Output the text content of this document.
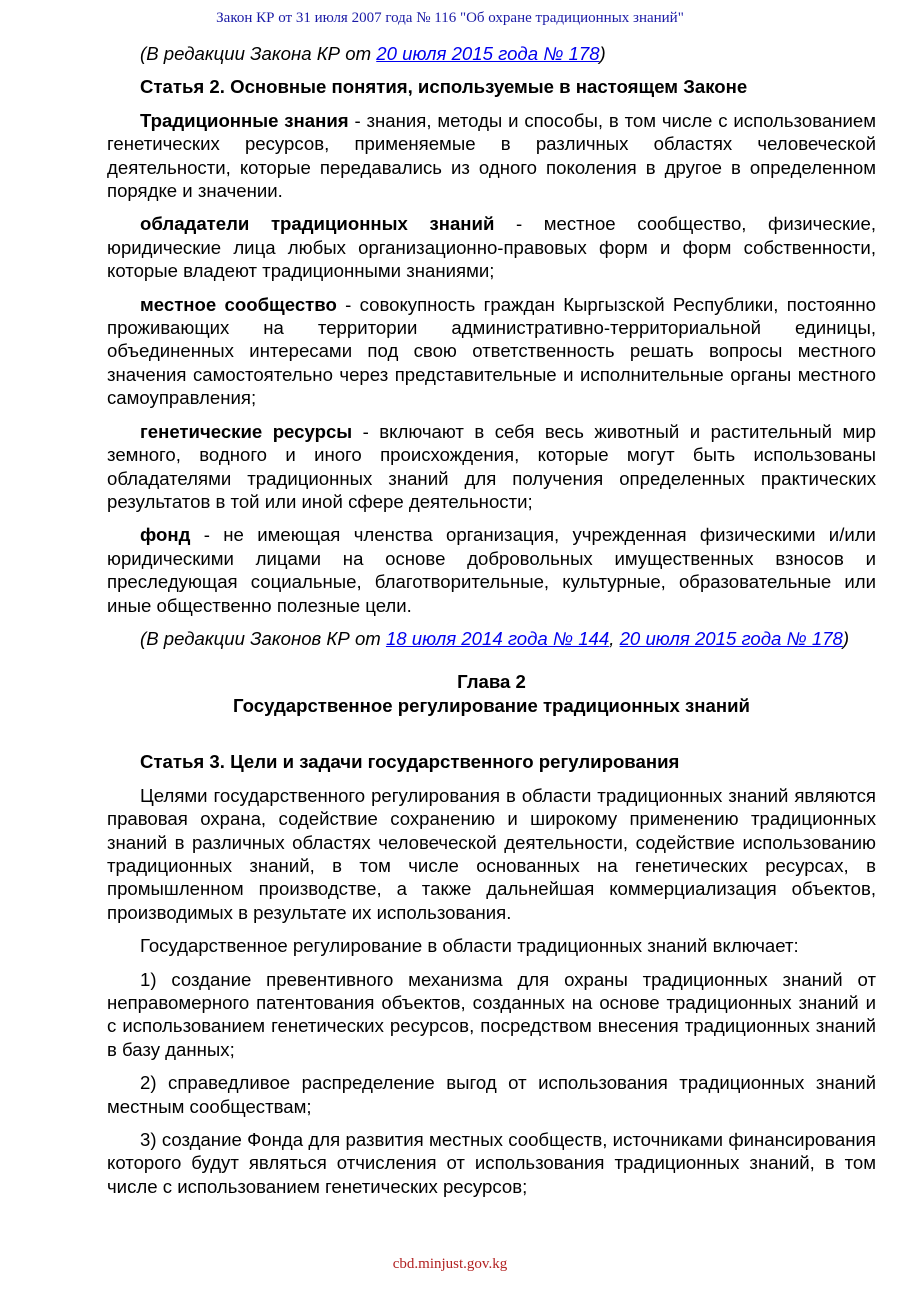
Закон КР от 31 июля 2007 года № 116 "Об охране традиционных знаний"

(В редакции Закона КР от 20 июля 2015 года № 178)

Статья 2. Основные понятия, используемые в настоящем Законе

Традиционные знания - знания, методы и способы, в том числе с использованием генетических ресурсов, применяемые в различных областях человеческой деятельности, которые передавались из одного поколения в другое в определенном порядке и значении.

обладатели традиционных знаний - местное сообщество, физические, юридические лица любых организационно-правовых форм и форм собственности, которые владеют традиционными знаниями;

местное сообщество - совокупность граждан Кыргызской Республики, постоянно проживающих на территории административно-территориальной единицы, объединенных интересами под свою ответственность решать вопросы местного значения самостоятельно через представительные и исполнительные органы местного самоуправления;

генетические ресурсы - включают в себя весь животный и растительный мир земного, водного и иного происхождения, которые могут быть использованы обладателями традиционных знаний для получения определенных практических результатов в той или иной сфере деятельности;

фонд - не имеющая членства организация, учрежденная физическими и/или юридическими лицами на основе добровольных имущественных взносов и преследующая социальные, благотворительные, культурные, образовательные или иные общественно полезные цели.

(В редакции Законов КР от 18 июля 2014 года № 144, 20 июля 2015 года № 178)

Глава 2
Государственное регулирование традиционных знаний

Статья 3. Цели и задачи государственного регулирования

Целями государственного регулирования в области традиционных знаний являются правовая охрана, содействие сохранению и широкому применению традиционных знаний в различных областях человеческой деятельности, содействие использованию традиционных знаний, в том числе основанных на генетических ресурсах, в промышленном производстве, а также дальнейшая коммерциализация объектов, производимых в результате их использования.

Государственное регулирование в области традиционных знаний включает:

1) создание превентивного механизма для охраны традиционных знаний от неправомерного патентования объектов, созданных на основе традиционных знаний и с использованием генетических ресурсов, посредством внесения традиционных знаний в базу данных;

2) справедливое распределение выгод от использования традиционных знаний местным сообществам;

3) создание Фонда для развития местных сообществ, источниками финансирования которого будут являться отчисления от использования традиционных знаний, в том числе с использованием генетических ресурсов;

cbd.minjust.gov.kg
